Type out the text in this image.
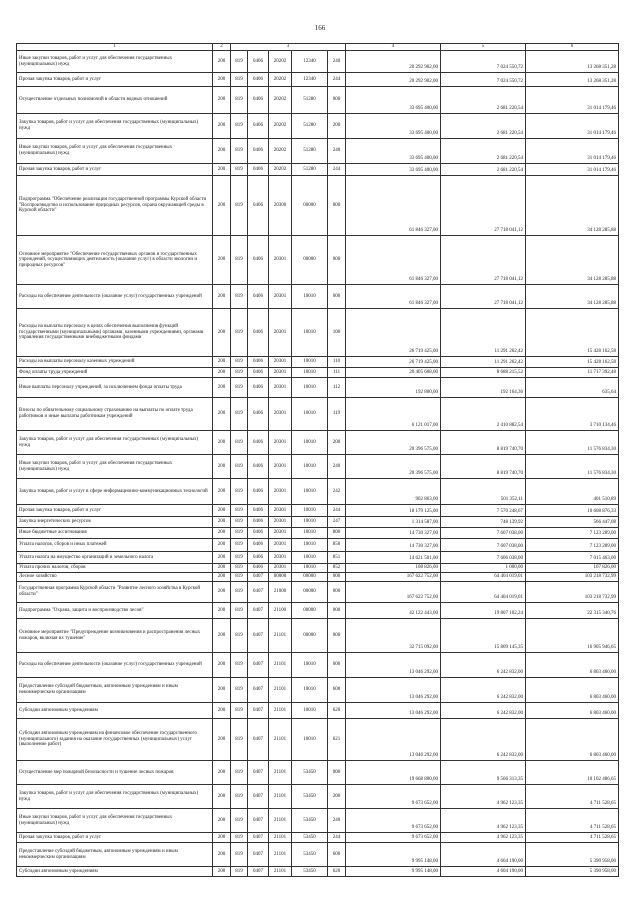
166
1	2	3					4	5	6
Иные закупки товаров, работ и услуг для обеспечения государственных (муниципальных) нужд	200	819	0406	20202	12340	240	20 292 902,00	7 024 550,72	13 268 351,28
Прочая закупка товаров, работ и услуг	200	819	0406	20202	12340	244	20 292 902,00	7 024 550,72	13 268 351,28
Осуществление отдельных полномочий в области водных отношений	200	819	0406	20202	51280	000	33 695 400,00	2 681 220,54	31 014 179,46
Закупка товаров, работ и услуг для обеспечения государственных (муниципальных) нужд	200	819	0406	20202	51280	200	33 695 400,00	2 681 220,54	31 014 179,46
Иные закупки товаров, работ и услуг для обеспечения государственных (муниципальных) нужд	200	819	0406	20202	51280	240	33 695 400,00	2 681 220,54	31 014 179,46
Прочая закупка товаров, работ и услуг	200	819	0406	20202	51280	244	33 695 400,00	2 681 220,54	31 014 179,46
Подпрограмма "Обеспечение реализации государственной программы Курской области "Воспроизводство и использование природных ресурсов, охрана окружающей среды в Курской области"	200	819	0406	20300	00000	000	61 846 327,00	27 718 041,12	34 128 285,88
Основное мероприятие "Обеспечение государственных органов и государственных учреждений, осуществляющих деятельность (оказание услуг) в области экологии и природных ресурсов"	200	819	0406	20301	00000	000	61 846 327,00	27 718 041,12	34 128 285,88
Расходы на обеспечение деятельности (оказание услуг) государственных учреждений	200	819	0406	20301	10010	000	61 846 327,00	27 718 041,12	34 128 285,88
Расходы на выплаты персоналу в целях обеспечения выполнения функций государственными (муниципальными) органами, казенными учреждениями, органами управления государственными внебюджетными фондами	200	819	0406	20301	10010	100	26 719 425,00	11 291 262,42	15 428 162,58
Расходы на выплаты персоналу казенных учреждений	200	819	0406	20301	10010	110	26 719 425,00	11 291 262,42	15 428 162,58
Фонд оплаты труда учреждений	200	819	0406	20301	10010	111	20 405 608,00	8 688 215,52	11 717 392,48
Иные выплаты персоналу учреждений, за исключением фонда оплаты труда	200	819	0406	20301	10010	112	192 800,00	192 164,36	635,64
Взносы по обязательному социальному страхованию на выплаты по оплате труда работников и иные выплаты работникам учреждений	200	819	0406	20301	10010	119	6 121 017,00	2 410 882,54	3 710 134,46
Закупка товаров, работ и услуг для обеспечения государственных (муниципальных) нужд	200	819	0406	20301	10010	200	20 396 575,00	8 819 740,70	11 576 834,30
Иные закупки товаров, работ и услуг для обеспечения государственных (муниципальных) нужд	200	819	0406	20301	10010	240	20 396 575,00	8 819 740,70	11 576 834,30
Закупка товаров, работ и услуг в сфере информационно-коммуникационных технологий	200	819	0406	20301	10010	242	902 863,00	501 352,11	401 510,89
Прочая закупка товаров, работ и услуг	200	819	0406	20301	10010	244	18 179 125,00	7 570 248,67	10 608 876,33
Закупка энергетических ресурсов	200	819	0406	20301	10010	247	1 314 587,00	748 139,92	566 447,08
Иные бюджетные ассигнования	200	819	0406	20301	10010	800	14 730 327,00	7 607 038,00	7 123 289,00
Уплата налогов, сборов и иных платежей	200	819	0406	20301	10010	850	14 730 327,00	7 607 038,00	7 123 289,00
Уплата налога на имущество организаций и земельного налога	200	819	0406	20301	10010	851	14 621 501,00	7 606 038,00	7 015 463,00
Уплата прочих налогов, сборов	200	819	0406	20301	10010	852	108 826,00	1 000,00	107 826,00
Лесное хозяйство	200	819	0407	00000	00000	000	167 622 752,00	64 404 019,01	103 218 732,99
Государственная программа Курской области "Развитие лесного хозяйства в Курской области"	200	819	0407	21000	00000	000	167 622 752,00	64 404 019,01	103 218 732,99
Подпрограмма "Охрана, защита и воспроизводство лесов"	200	819	0407	21100	00000	000	42 122 443,00	19 807 102,24	22 315 340,76
Основное мероприятие "Предупреждение возникновения и распространения лесных пожаров, включая их тушение"	200	819	0407	21101	00000	000	32 715 092,00	15 809 145,35	16 905 946,65
Расходы на обеспечение деятельности (оказание услуг) государственных учреждений	200	819	0407	21101	10010	000	13 046 292,00	6 242 832,00	6 803 460,00
Предоставление субсидий бюджетным, автономным учреждениям и иным некоммерческим организациям	200	819	0407	21101	10010	600	13 046 292,00	6 242 832,00	6 803 460,00
Субсидии автономным учреждениям	200	819	0407	21101	10010	620	13 046 292,00	6 242 832,00	6 803 460,00
Субсидии автономным учреждениям на финансовое обеспечение государственного (муниципального) задания на оказание государственных (муниципальных) услуг (выполнение работ)	200	819	0407	21101	10010	621	13 046 292,00	6 242 832,00	6 803 460,00
Осуществление мер пожарной безопасности и тушение лесных пожаров	200	819	0407	21101	53450	000	19 668 800,00	9 566 313,35	10 102 486,65
Закупка товаров, работ и услуг для обеспечения государственных (муниципальных) нужд	200	819	0407	21101	53450	200	9 673 652,00	4 962 123,35	4 711 528,65
Иные закупки товаров, работ и услуг для обеспечения государственных (муниципальных) нужд	200	819	0407	21101	53450	240	9 673 652,00	4 962 123,35	4 711 528,65
Прочая закупка товаров, работ и услуг	200	819	0407	21101	53450	244	9 673 652,00	4 962 123,35	4 711 528,65
Предоставление субсидий бюджетным, автономным учреждениям и иным некоммерческим организациям	200	819	0407	21101	53450	600	9 995 148,00	4 604 190,00	5 390 958,00
Субсидии автономным учреждениям	200	819	0407	21101	53450	620	9 995 148,00	4 604 190,00	5 390 958,00
